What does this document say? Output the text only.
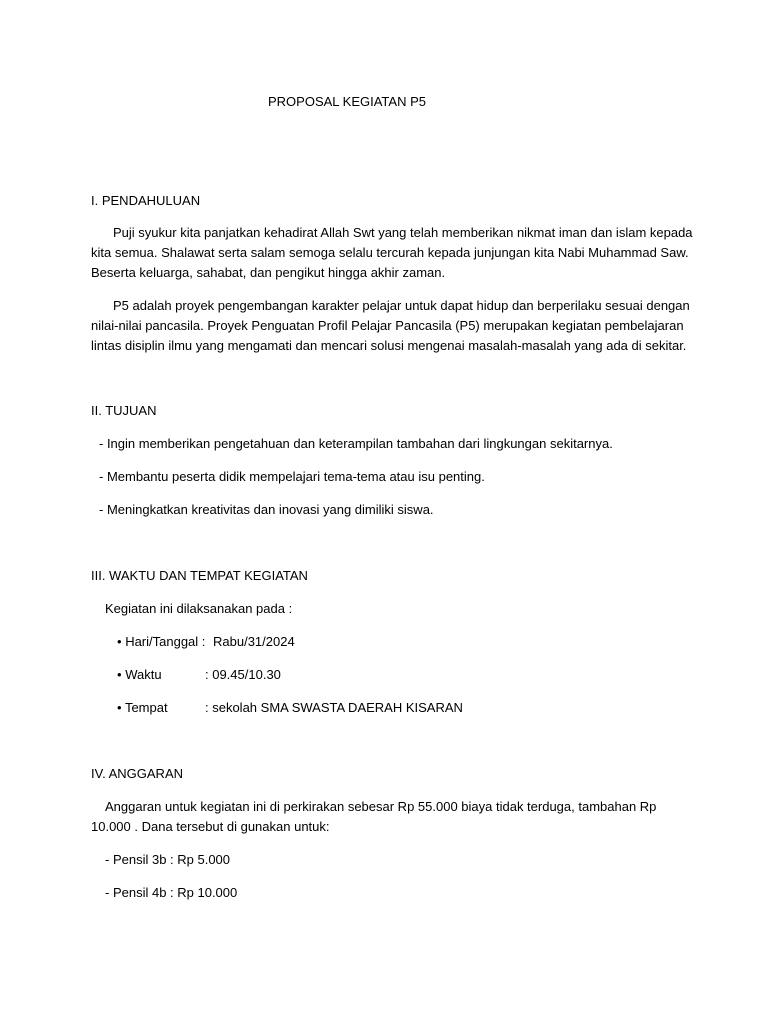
PROPOSAL KEGIATAN P5
I. PENDAHULUAN
Puji syukur kita panjatkan kehadirat Allah Swt yang telah memberikan nikmat iman dan islam kepada
kita semua. Shalawat serta salam semoga selalu tercurah kepada junjungan kita Nabi Muhammad Saw.
Beserta keluarga, sahabat, dan pengikut hingga akhir zaman.
P5 adalah proyek pengembangan karakter pelajar untuk dapat hidup dan berperilaku sesuai dengan
nilai-nilai pancasila. Proyek Penguatan Profil Pelajar Pancasila (P5) merupakan kegiatan pembelajaran
lintas disiplin ilmu yang mengamati dan mencari solusi mengenai masalah-masalah yang ada di sekitar.
II. TUJUAN
- Ingin memberikan pengetahuan dan keterampilan tambahan dari lingkungan sekitarnya.
- Membantu peserta didik mempelajari tema-tema atau isu penting.
- Meningkatkan kreativitas dan inovasi yang dimiliki siswa.
III. WAKTU DAN TEMPAT KEGIATAN
Kegiatan ini dilaksanakan pada :
• Hari/Tanggal : Rabu/31/2024
• Waktu	: 09.45/10.30
• Tempat	: sekolah SMA SWASTA DAERAH KISARAN
IV. ANGGARAN
Anggaran untuk kegiatan ini di perkirakan sebesar Rp 55.000 biaya tidak terduga, tambahan Rp
10.000 . Dana tersebut di gunakan untuk:
- Pensil 3b : Rp 5.000
- Pensil 4b : Rp 10.000
